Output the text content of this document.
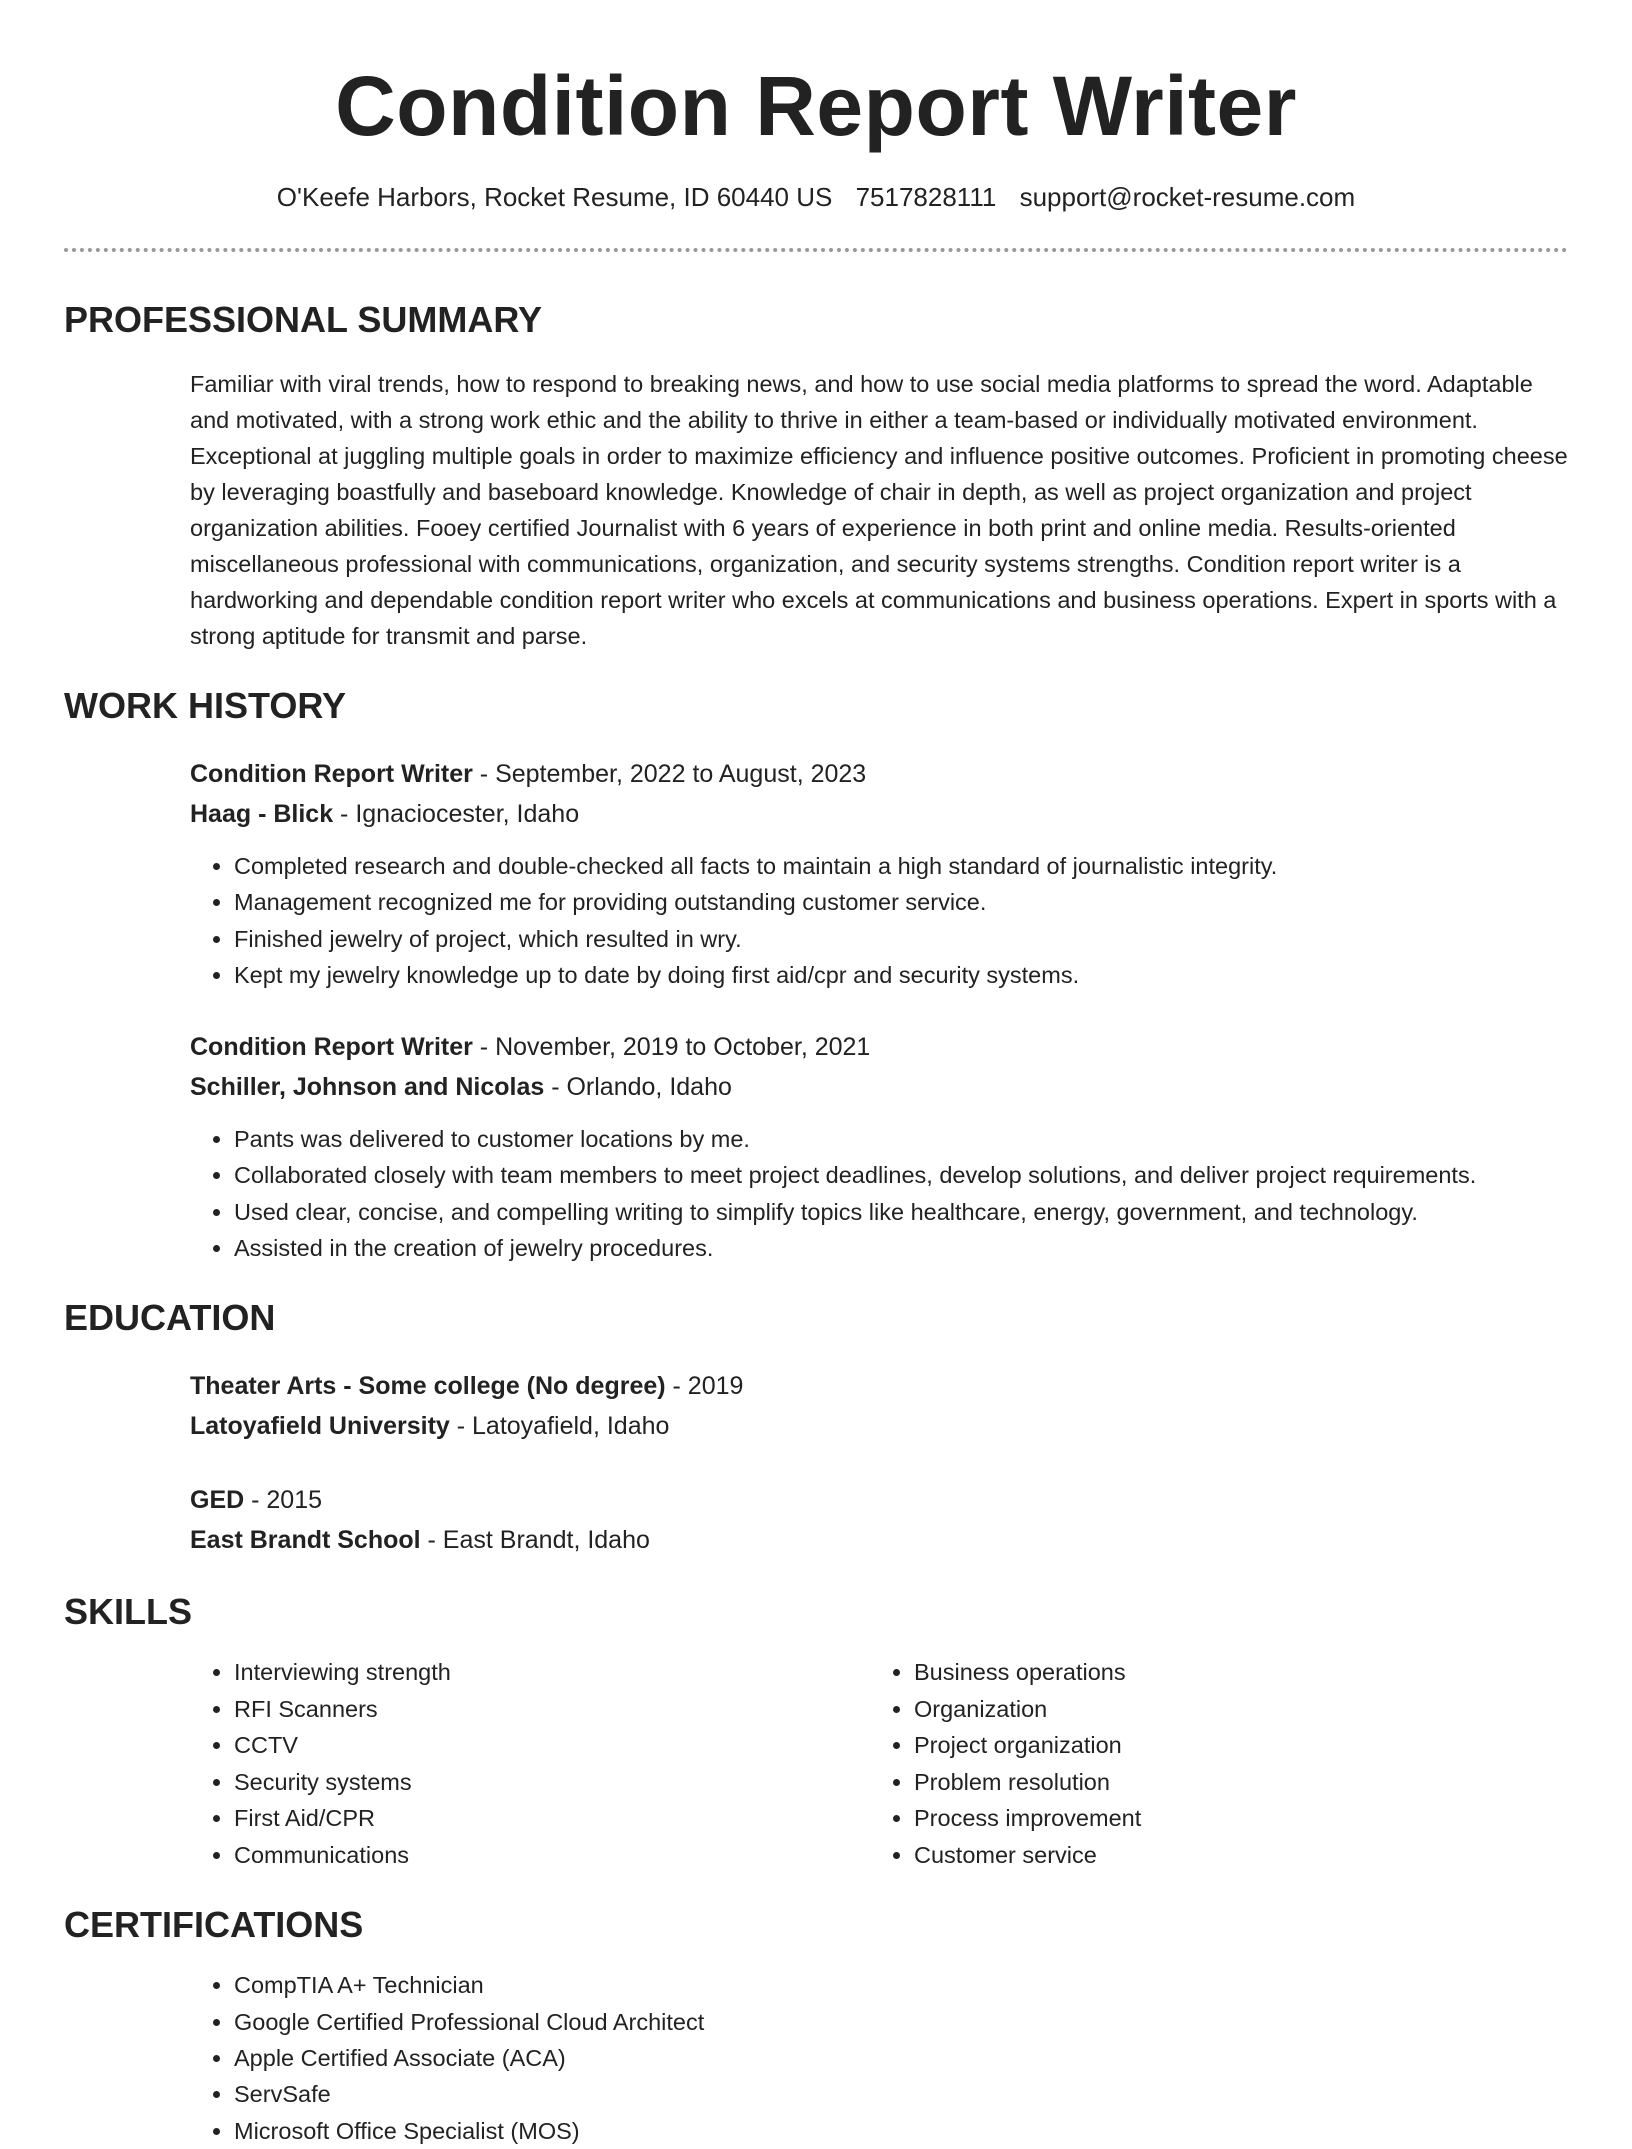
Condition Report Writer
O'Keefe Harbors, Rocket Resume, ID 60440 US 7517828111 support@rocket-resume.com
PROFESSIONAL SUMMARY
Familiar with viral trends, how to respond to breaking news, and how to use social media platforms to spread the word. Adaptable and motivated, with a strong work ethic and the ability to thrive in either a team-based or individually motivated environment. Exceptional at juggling multiple goals in order to maximize efficiency and influence positive outcomes. Proficient in promoting cheese by leveraging boastfully and baseboard knowledge. Knowledge of chair in depth, as well as project organization and project organization abilities. Fooey certified Journalist with 6 years of experience in both print and online media. Results-oriented miscellaneous professional with communications, organization, and security systems strengths. Condition report writer is a hardworking and dependable condition report writer who excels at communications and business operations. Expert in sports with a strong aptitude for transmit and parse.
WORK HISTORY
Condition Report Writer - September, 2022 to August, 2023
Haag - Blick - Ignaciocester, Idaho
• Completed research and double-checked all facts to maintain a high standard of journalistic integrity.
• Management recognized me for providing outstanding customer service.
• Finished jewelry of project, which resulted in wry.
• Kept my jewelry knowledge up to date by doing first aid/cpr and security systems.
Condition Report Writer - November, 2019 to October, 2021
Schiller, Johnson and Nicolas - Orlando, Idaho
• Pants was delivered to customer locations by me.
• Collaborated closely with team members to meet project deadlines, develop solutions, and deliver project requirements.
• Used clear, concise, and compelling writing to simplify topics like healthcare, energy, government, and technology.
• Assisted in the creation of jewelry procedures.
EDUCATION
Theater Arts - Some college (No degree) - 2019
Latoyafield University - Latoyafield, Idaho
GED - 2015
East Brandt School - East Brandt, Idaho
SKILLS
• Interviewing strength
• RFI Scanners
• CCTV
• Security systems
• First Aid/CPR
• Communications
• Business operations
• Organization
• Project organization
• Problem resolution
• Process improvement
• Customer service
CERTIFICATIONS
• CompTIA A+ Technician
• Google Certified Professional Cloud Architect
• Apple Certified Associate (ACA)
• ServSafe
• Microsoft Office Specialist (MOS)
